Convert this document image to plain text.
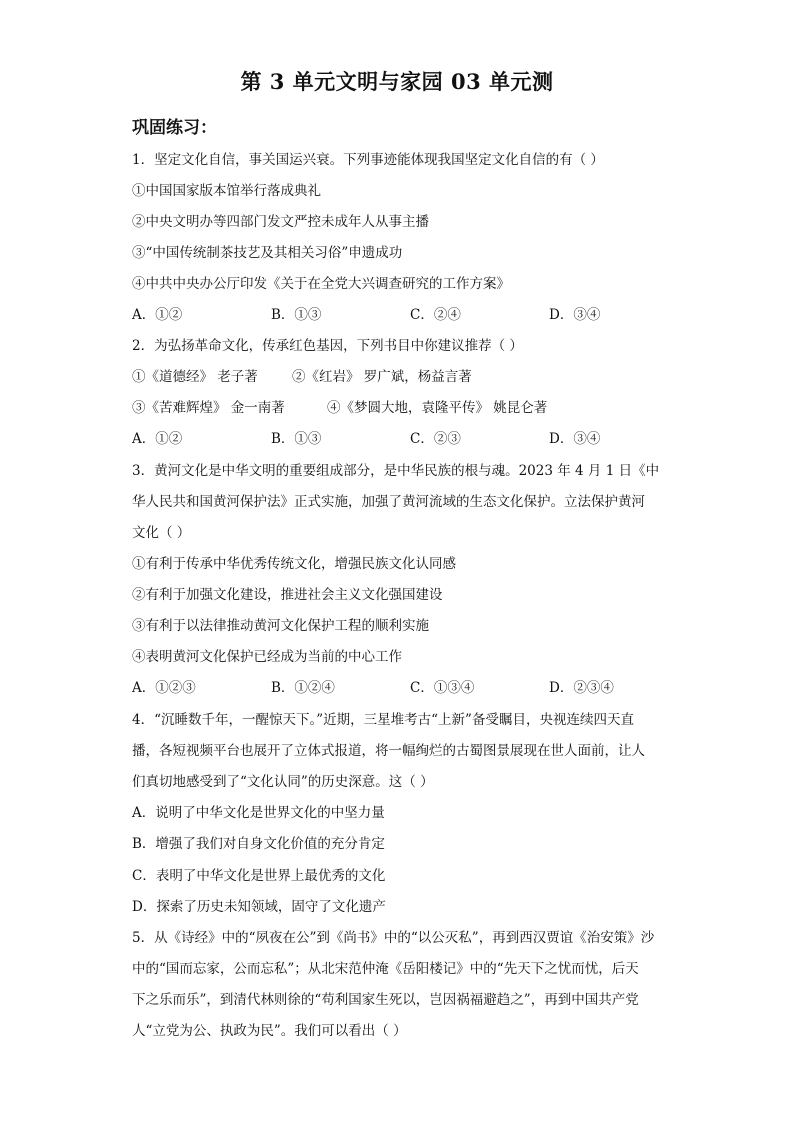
第 3 单元文明与家园 03 单元测
巩固练习：
1．坚定文化自信，事关国运兴衰。下列事迹能体现我国坚定文化自信的有（ ）
①中国国家版本馆举行落成典礼
②中央文明办等四部门发文严控未成年人从事主播
③“中国传统制茶技艺及其相关习俗”申遗成功
④中共中央办公厅印发《关于在全党大兴调查研究的工作方案》
A．①②	B．①③	C．②④	D．③④
2．为弘扬革命文化，传承红色基因，下列书目中你建议推荐（ ）
①《道德经》 老子著	②《红岩》 罗广斌，杨益言著
③《苦难辉煌》 金一南著	④《梦圆大地，袁隆平传》 姚昆仑著
A．①②	B．①③	C．②③	D．③④
3．黄河文化是中华文明的重要组成部分，是中华民族的根与魂。2023 年 4 月 1 日《中
华人民共和国黄河保护法》正式实施，加强了黄河流域的生态文化保护。立法保护黄河
文化（ ）
①有利于传承中华优秀传统文化，增强民族文化认同感
②有利于加强文化建设，推进社会主义文化强国建设
③有利于以法律推动黄河文化保护工程的顺利实施
④表明黄河文化保护已经成为当前的中心工作
A．①②③	B．①②④	C．①③④	D．②③④
4．“沉睡数千年，一醒惊天下。”近期，三星堆考古“上新”备受瞩目，央视连续四天直
播，各短视频平台也展开了立体式报道，将一幅绚烂的古蜀图景展现在世人面前，让人
们真切地感受到了“文化认同”的历史深意。这（ ）
A．说明了中华文化是世界文化的中坚力量
B．增强了我们对自身文化价值的充分肯定
C．表明了中华文化是世界上最优秀的文化
D．探索了历史未知领域，固守了文化遗产
5．从《诗经》中的“夙夜在公”到《尚书》中的“以公灭私”，再到西汉贾谊《治安策》沙
中的“国而忘家，公而忘私”；从北宋范仲淹《岳阳楼记》中的“先天下之忧而忧，后天
下之乐而乐”，到清代林则徐的“苟利国家生死以，岂因祸福避趋之”，再到中国共产党
人“立党为公、执政为民”。我们可以看出（ ）
